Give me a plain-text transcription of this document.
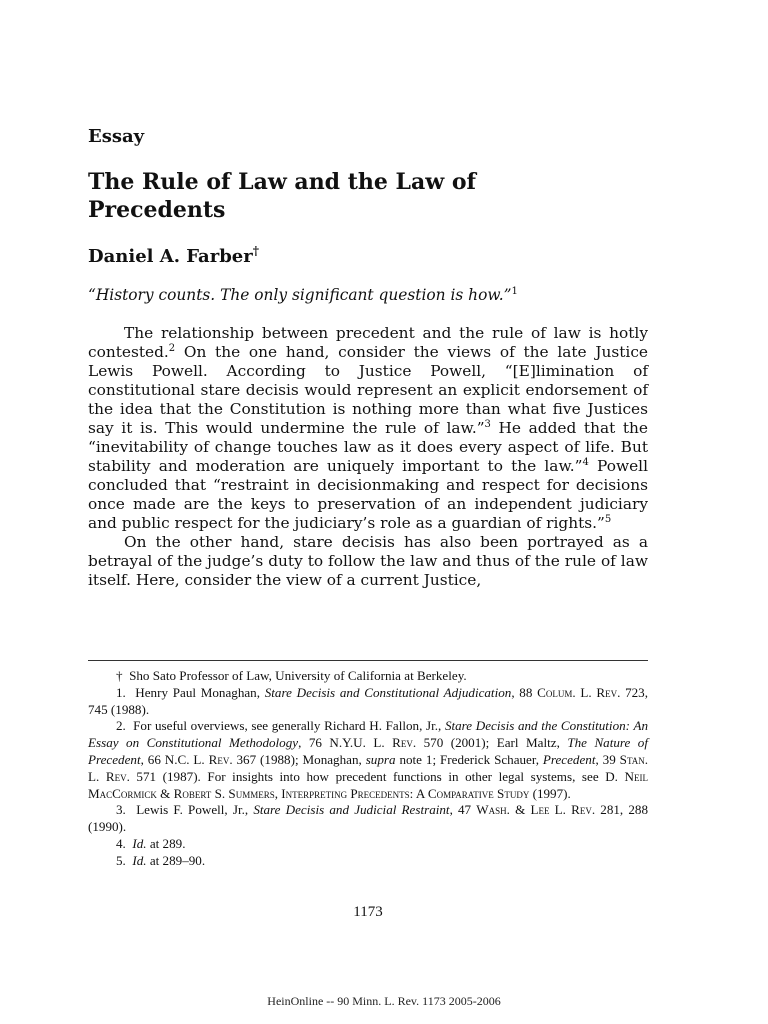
Essay
The Rule of Law and the Law of
Precedents
Daniel A. Farber†
“History counts. The only significant question is how.”$^1$

The relationship between precedent and the rule of law is hotly contested.$^2$ On the one hand, consider the views of the late Justice Lewis Powell. According to Justice Powell, “[E]limination of constitutional stare decisis would represent an explicit endorsement of the idea that the Constitution is nothing more than what five Justices say it is. This would undermine the rule of law.”$^3$ He added that the “inevitability of change touches law as it does every aspect of life. But stability and moderation are uniquely important to the law.”$^4$ Powell concluded that “restraint in decisionmaking and respect for decisions once made are the keys to preservation of an independent judiciary and public respect for the judiciary’s role as a guardian of rights.”$^5$

On the other hand, stare decisis has also been portrayed as a betrayal of the judge’s duty to follow the law and thus of the rule of law itself. Here, consider the view of a current Justice,

† Sho Sato Professor of Law, University of California at Berkeley.

1. Henry Paul Monaghan, Stare Decisis and Constitutional Adjudication, 88 Colum. L. Rev. 723, 745 (1988).

2. For useful overviews, see generally Richard H. Fallon, Jr., Stare Decisis and the Constitution: An Essay on Constitutional Methodology, 76 N.Y.U. L. Rev. 570 (2001); Earl Maltz, The Nature of Precedent, 66 N.C. L. Rev. 367 (1988); Monaghan, supra note 1; Frederick Schauer, Precedent, 39 Stan. L. Rev. 571 (1987). For insights into how precedent functions in other legal systems, see D. Neil MacCormick & Robert S. Summers, Interpreting Precedents: A Comparative Study (1997).

3. Lewis F. Powell, Jr., Stare Decisis and Judicial Restraint, 47 Wash. & Lee L. Rev. 281, 288 (1990).

4. Id. at 289.

5. Id. at 289–90.

1173
HeinOnline -- 90 Minn. L. Rev. 1173 2005-2006
